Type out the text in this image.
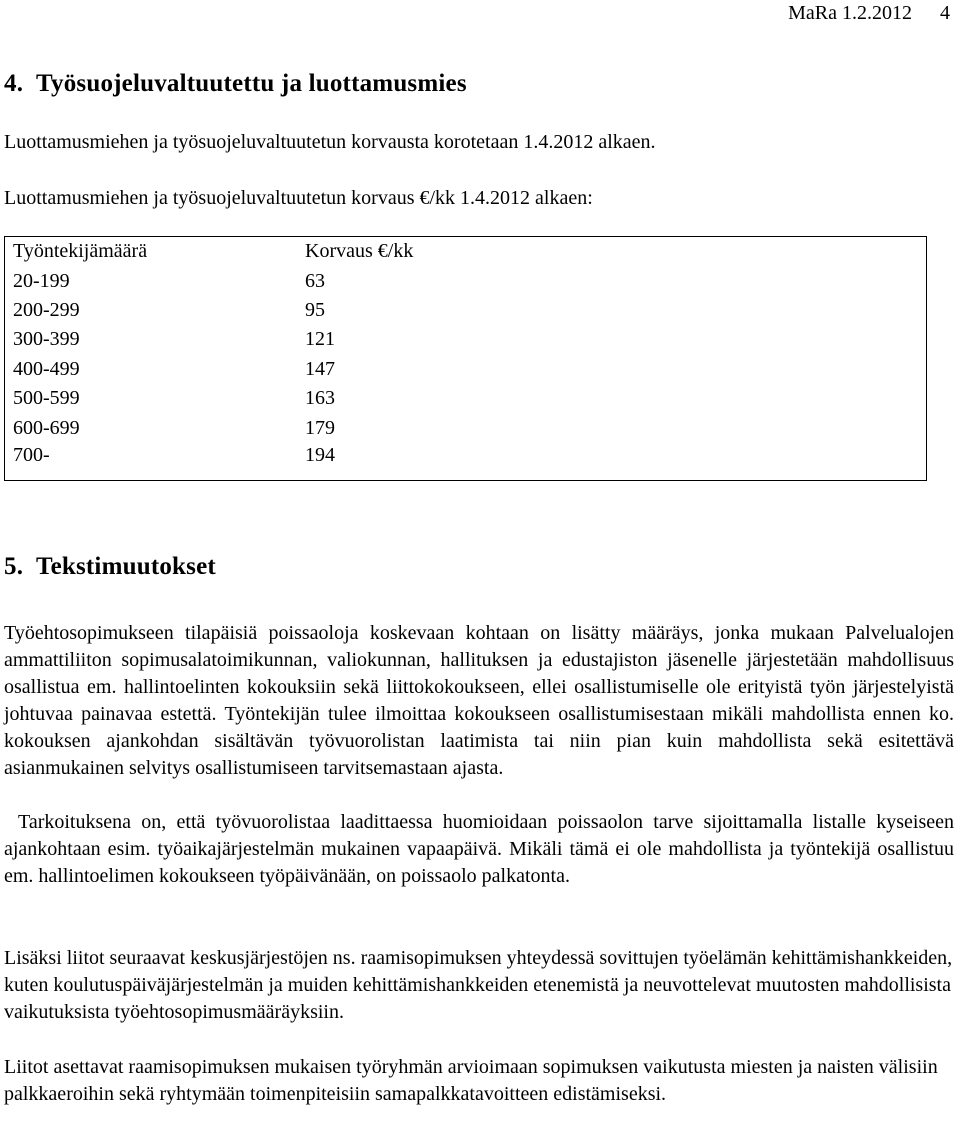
MaRa 1.2.2012 4
4. Työsuojeluvaltuutettu ja luottamusmies

Luottamusmiehen ja työsuojeluvaltuutetun korvausta korotetaan 1.4.2012 alkaen.

Luottamusmiehen ja työsuojeluvaltuutetun korvaus €/kk 1.4.2012 alkaen:

Työntekijämäärä	Korvaus €/kk
20-199	63
200-299	95
300-399	121
400-499	147
500-599	163
600-699	179
700-	194
5. Tekstimuutokset

Työehtosopimukseen tilapäisiä poissaoloja koskevaan kohtaan on lisätty määräys, jonka mukaan Palvelualojen ammattiliiton sopimusalatoimikunnan, valiokunnan, hallituksen ja edustajiston jäsenelle järjestetään mahdollisuus osallistua em. hallintoelinten kokouksiin sekä liittokokoukseen, ellei osallistumiselle ole erityistä työn järjestelyistä johtuvaa painavaa estettä. Työntekijän tulee ilmoittaa kokoukseen osallistumisestaan mikäli mahdollista ennen ko. kokouksen ajankohdan sisältävän työvuorolistan laatimista tai niin pian kuin mahdollista sekä esitettävä asianmukainen selvitys osallistumiseen tarvitsemastaan ajasta.

Tarkoituksena on, että työvuorolistaa laadittaessa huomioidaan poissaolon tarve sijoittamalla listalle kyseiseen ajankohtaan esim. työaikajärjestelmän mukainen vapaapäivä. Mikäli tämä ei ole mahdollista ja työntekijä osallistuu em. hallintoelimen kokoukseen työpäivänään, on poissaolo palkatonta.

Lisäksi liitot seuraavat keskusjärjestöjen ns. raamisopimuksen yhteydessä sovittujen työelämän kehittämishankkeiden, kuten koulutuspäiväjärjestelmän ja muiden kehittämishankkeiden etenemistä ja neuvottelevat muutosten mahdollisista vaikutuksista työehtosopimusmääräyksiin.

Liitot asettavat raamisopimuksen mukaisen työryhmän arvioimaan sopimuksen vaikutusta miesten ja naisten välisiin palkkaeroihin sekä ryhtymään toimenpiteisiin samapalkkatavoitteen edistämiseksi.
